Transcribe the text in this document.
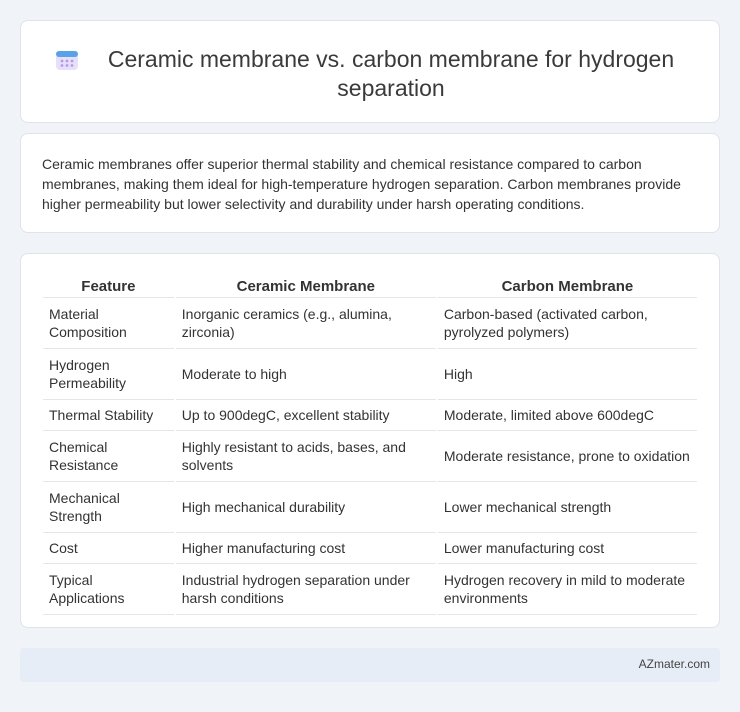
Ceramic membrane vs. carbon membrane for hydrogen separation

Ceramic membranes offer superior thermal stability and chemical resistance compared to carbon membranes, making them ideal for high-temperature hydrogen separation. Carbon membranes provide higher permeability but lower selectivity and durability under harsh operating conditions.

Feature	Ceramic Membrane	Carbon Membrane
Material Composition	Inorganic ceramics (e.g., alumina, zirconia)	Carbon-based (activated carbon, pyrolyzed polymers)
Hydrogen Permeability	Moderate to high	High
Thermal Stability	Up to 900degC, excellent stability	Moderate, limited above 600degC
Chemical Resistance	Highly resistant to acids, bases, and solvents	Moderate resistance, prone to oxidation
Mechanical Strength	High mechanical durability	Lower mechanical strength
Cost	Higher manufacturing cost	Lower manufacturing cost
Typical Applications	Industrial hydrogen separation under harsh conditions	Hydrogen recovery in mild to moderate environments
AZmater.com
